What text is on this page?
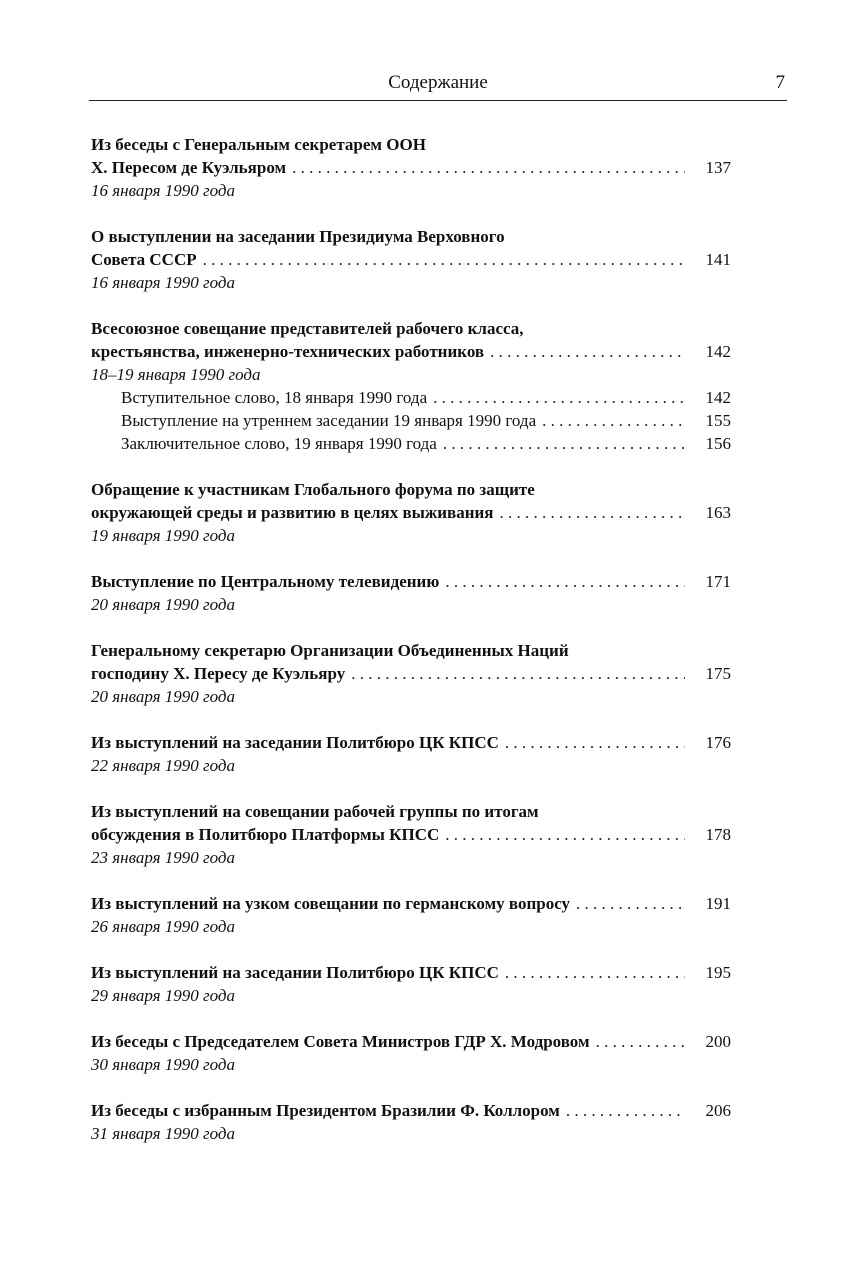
Содержание	7
Из беседы с Генеральным секретарем ООН
Х. Пересом де Куэльяром . . .	137
16 января 1990 года
О выступлении на заседании Президиума Верховного
Совета СССР . . .	141
16 января 1990 года
Всесоюзное совещание представителей рабочего класса,
крестьянства, инженерно-технических работников . . .	142
18–19 января 1990 года
Вступительное слово, 18 января 1990 года . . .	142
Выступление на утреннем заседании 19 января 1990 года . . .	155
Заключительное слово, 19 января 1990 года . . .	156
Обращение к участникам Глобального форума по защите
окружающей среды и развитию в целях выживания . . .	163
19 января 1990 года
Выступление по Центральному телевидению . . .	171
20 января 1990 года
Генеральному секретарю Организации Объединенных Наций
господину Х. Пересу де Куэльяру . . .	175
20 января 1990 года
Из выступлений на заседании Политбюро ЦК КПСС . . .	176
22 января 1990 года
Из выступлений на совещании рабочей группы по итогам
обсуждения в Политбюро Платформы КПСС . . .	178
23 января 1990 года
Из выступлений на узком совещании по германскому вопросу . . .	191
26 января 1990 года
Из выступлений на заседании Политбюро ЦК КПСС . . .	195
29 января 1990 года
Из беседы с Председателем Совета Министров ГДР Х. Модровом . . .	200
30 января 1990 года
Из беседы с избранным Президентом Бразилии Ф. Коллором . . .	206
31 января 1990 года
